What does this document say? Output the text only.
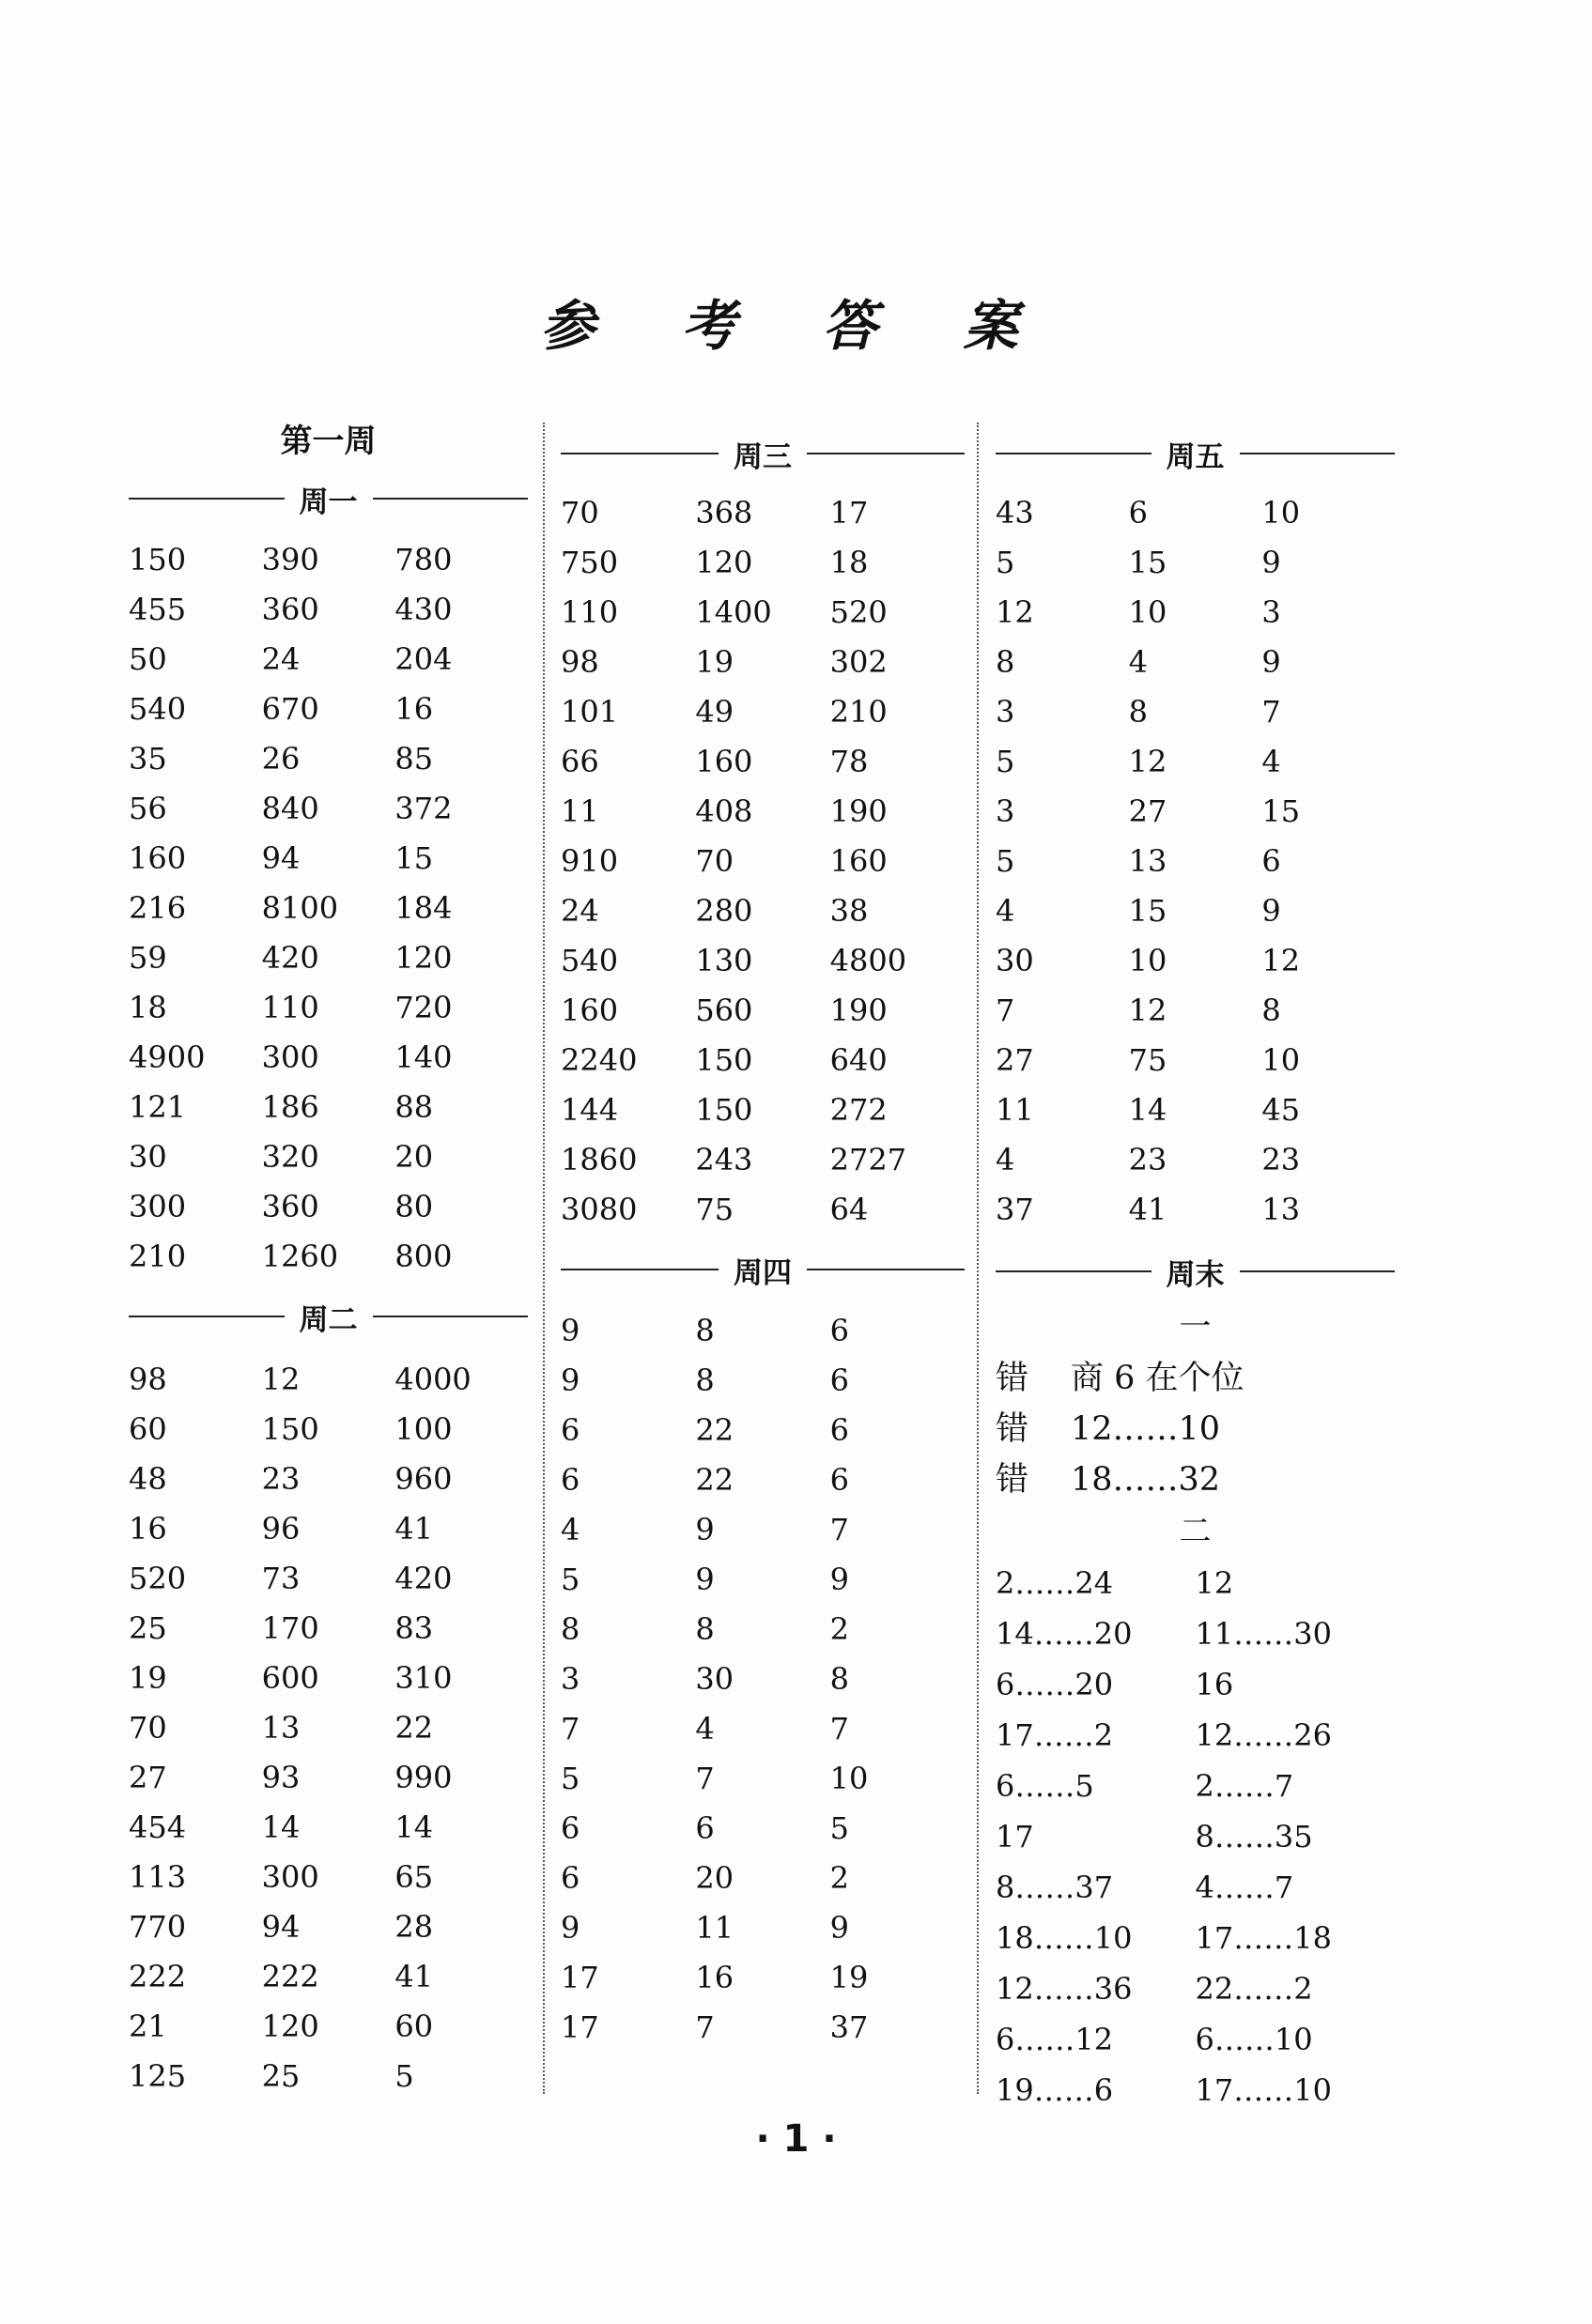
参 考 答 案
第一周
周一
150	390	780
455	360	430
50	24	204
540	670	16
35	26	85
56	840	372
160	94	15
216	8100	184
59	420	120
18	110	720
4900	300	140
121	186	88
30	320	20
300	360	80
210	1260	800
周二
98	12	4000
60	150	100
48	23	960
16	96	41
520	73	420
25	170	83
19	600	310
70	13	22
27	93	990
454	14	14
113	300	65
770	94	28
222	222	41
21	120	60
125	25	5
周三
70	368	17
750	120	18
110	1400	520
98	19	302
101	49	210
66	160	78
11	408	190
910	70	160
24	280	38
540	130	4800
160	560	190
2240	150	640
144	150	272
1860	243	2727
3080	75	64
周四
9	8	6
9	8	6
6	22	6
6	22	6
4	9	7
5	9	9
8	8	2
3	30	8
7	4	7
5	7	10
6	6	5
6	20	2
9	11	9
17	16	19
17	7	37
周五
43	6	10
5	15	9
12	10	3
8	4	9
3	8	7
5	12	4
3	27	15
5	13	6
4	15	9
30	10	12
7	12	8
27	75	10
11	14	45
4	23	23
37	41	13
周末
一
错 商 6 在个位
错 12……10
错 18……32
二
2……24	12
14……20	11……30
6……20	16
17……2	12……26
6……5	2……7
17	8……35
8……37	4……7
18……10	17……18
12……36	22……2
6……12	6……10
19……6	17……10
· 1 ·
